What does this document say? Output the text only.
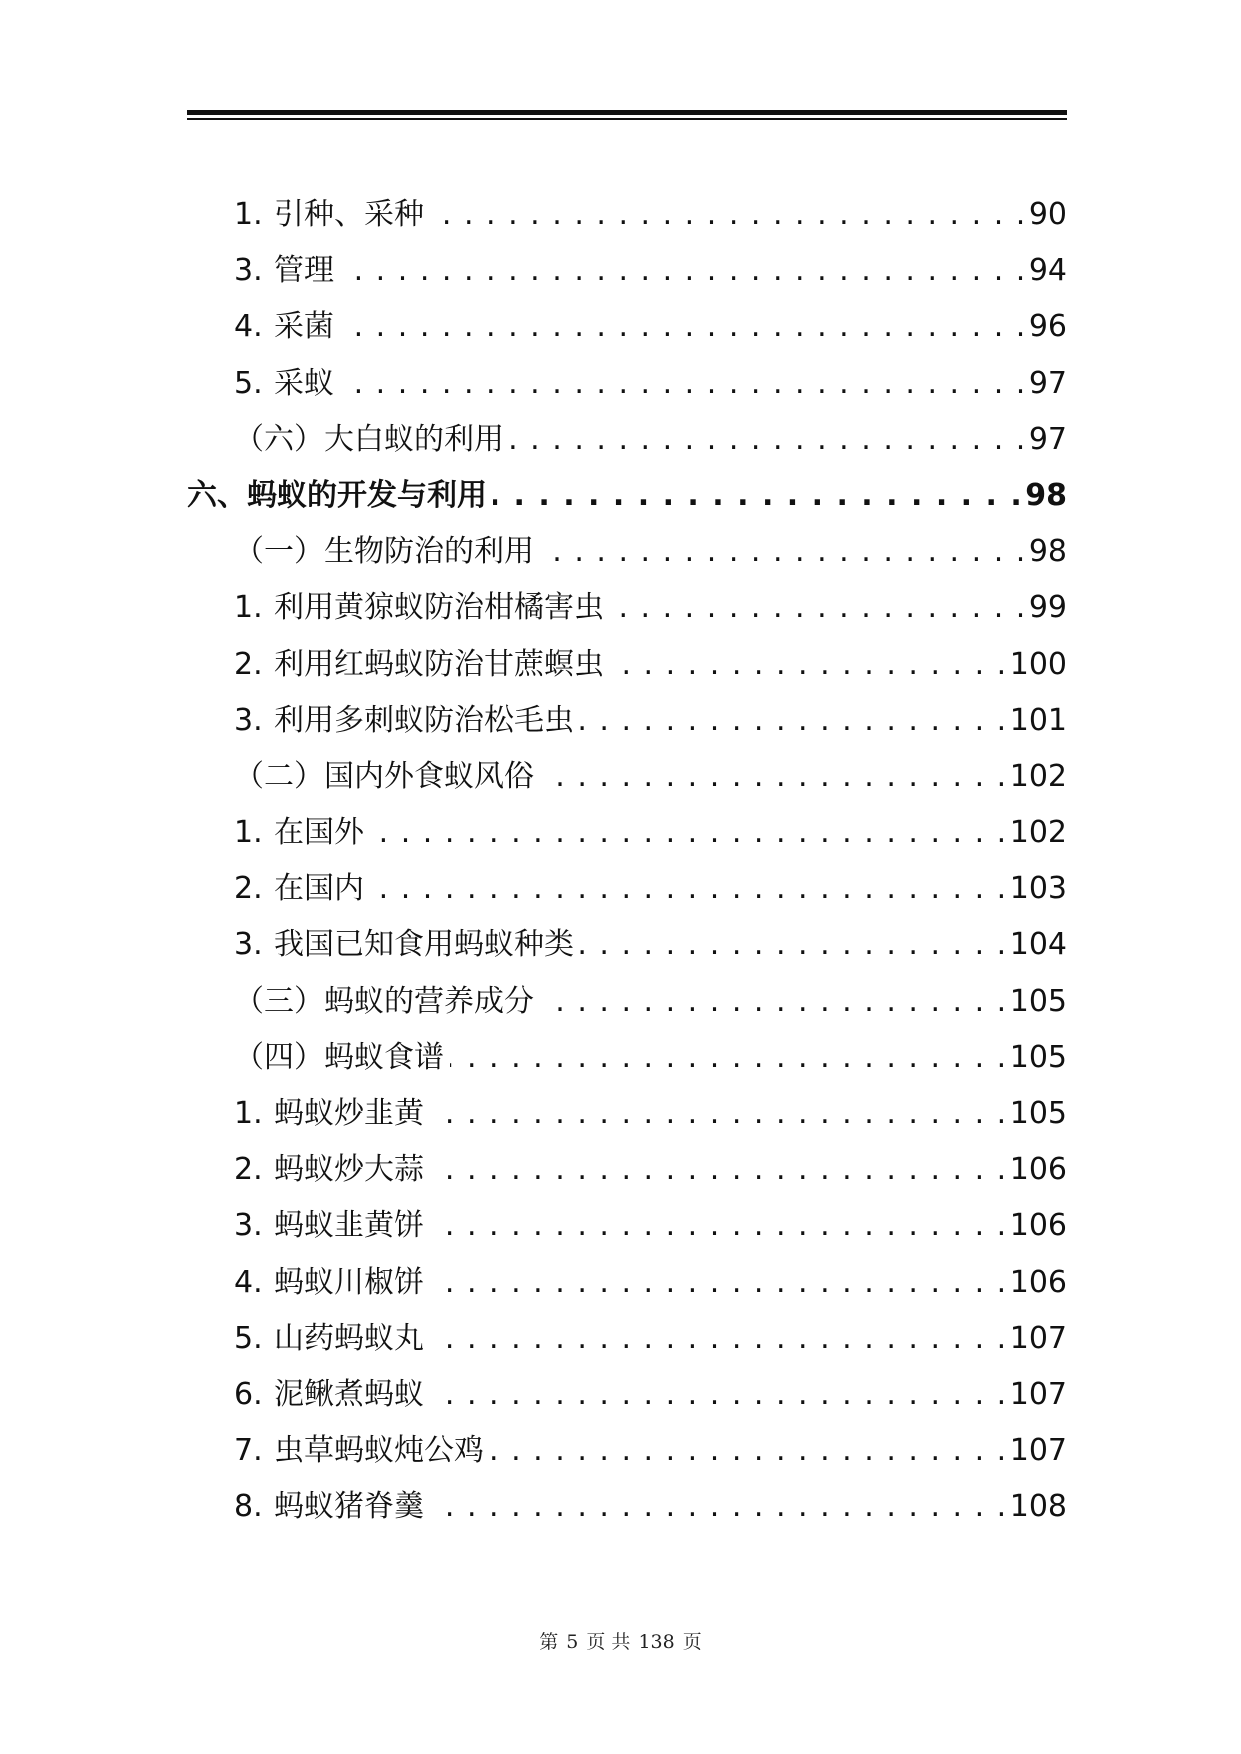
1. 引种、采种 . . .	90
3. 管理 . . .	94
4. 采菌 . . .	96
5. 采蚁 . . .	97
（六）大白蚁的利用 . . .	97
六、蚂蚁的开发与利用 . . .	98
（一）生物防治的利用 . . .	98
1. 利用黄猄蚁防治柑橘害虫 . . .	99
2. 利用红蚂蚁防治甘蔗螟虫 . . .	100
3. 利用多刺蚁防治松毛虫 . . .	101
（二）国内外食蚁风俗 . . .	102
1. 在国外 . . .	102
2. 在国内 . . .	103
3. 我国已知食用蚂蚁种类 . . .	104
（三）蚂蚁的营养成分 . . .	105
（四）蚂蚁食谱 . . .	105
1. 蚂蚁炒韭黄 . . .	105
2. 蚂蚁炒大蒜 . . .	106
3. 蚂蚁韭黄饼 . . .	106
4. 蚂蚁川椒饼 . . .	106
5. 山药蚂蚁丸 . . .	107
6. 泥鳅煮蚂蚁 . . .	107
7. 虫草蚂蚁炖公鸡 . . .	107
8. 蚂蚁猪脊羹 . . .	108
第 5 页 共 138 页
